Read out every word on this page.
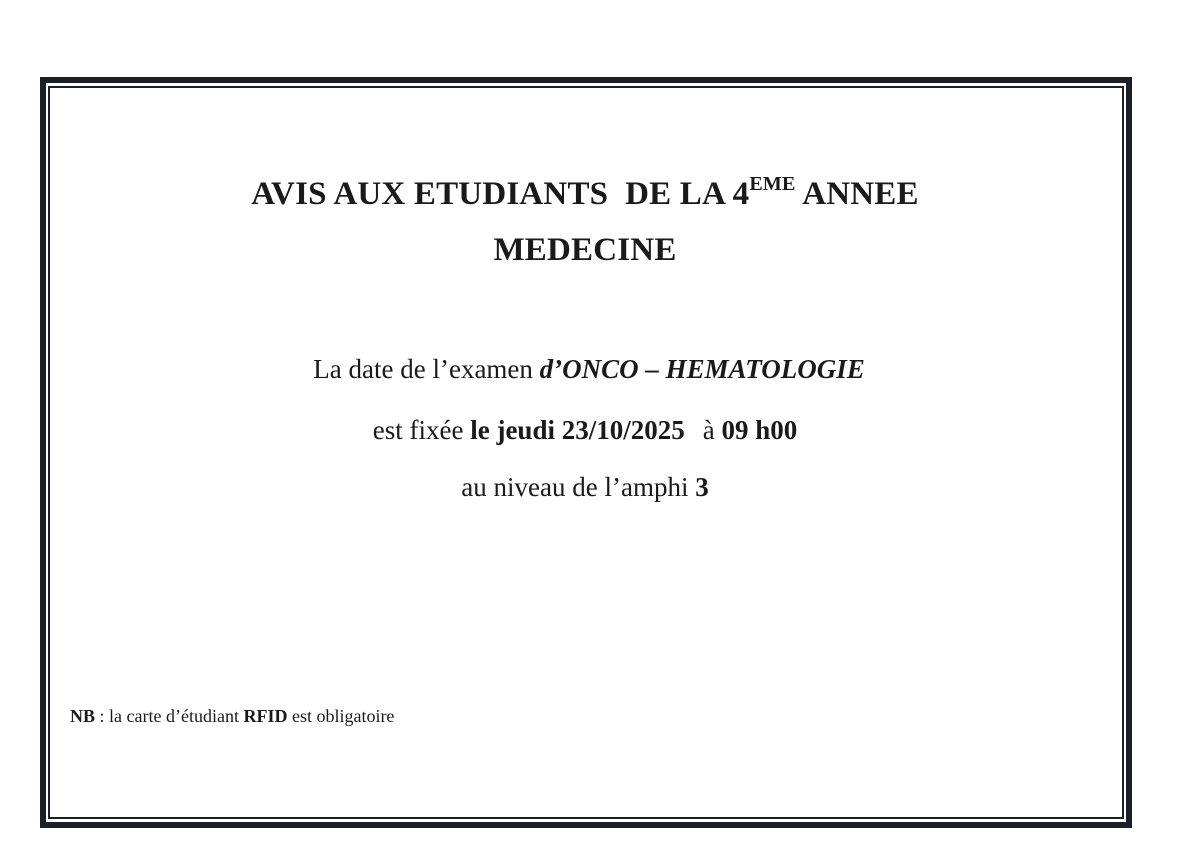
AVIS AUX ETUDIANTS  DE LA 4EME ANNEE
MEDECINE
La date de l’examen d’ONCO – HEMATOLOGIE
est fixée le jeudi 23/10/2025 à 09 h00
au niveau de l’amphi 3
NB : la carte d’étudiant RFID est obligatoire
